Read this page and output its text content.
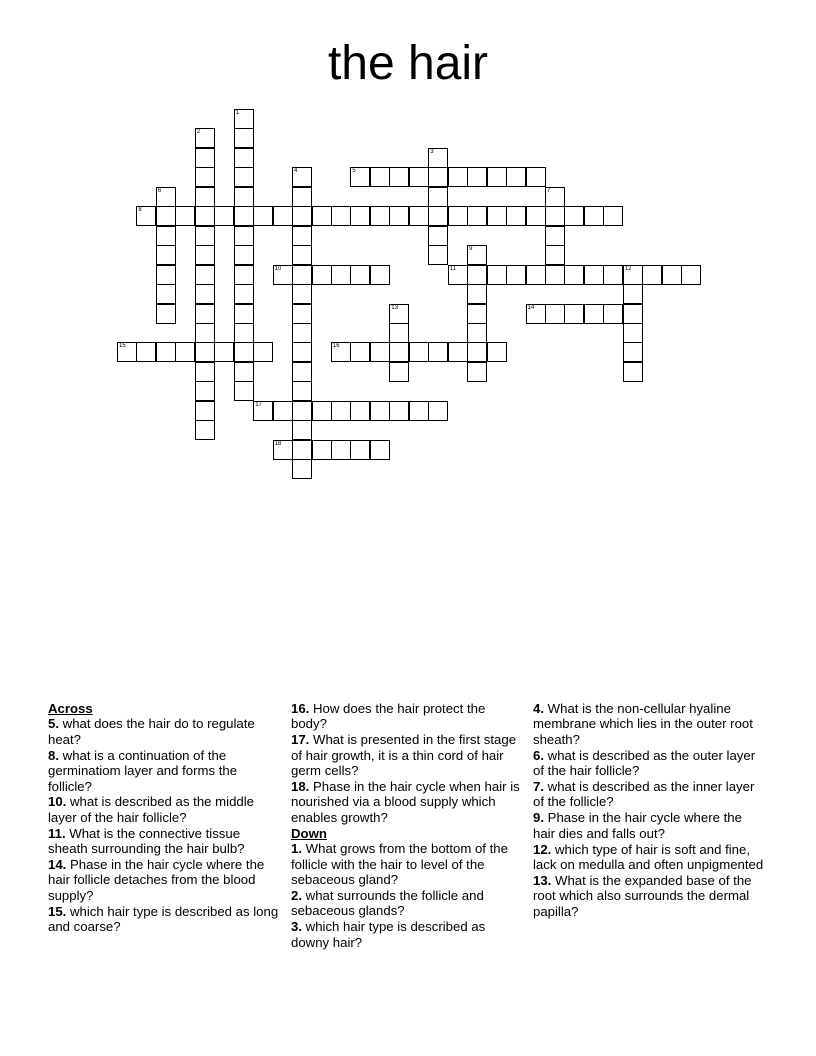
the hair
1
2
3
4	5
6	7
8
9
10	11	12
13	14
15	16
17
18
Across
5. what does the hair do to regulate heat?
8. what is a continuation of the germinatiom layer and forms the follicle?
10. what is described as the middle layer of the hair follicle?
11. What is the connective tissue sheath surrounding the hair bulb?
14. Phase in the hair cycle where the hair follicle detaches from the blood supply?
15. which hair type is described as long and coarse?
16. How does the hair protect the body?
17. What is presented in the first stage of hair growth, it is a thin cord of hair germ cells?
18. Phase in the hair cycle when hair is nourished via a blood supply which enables growth?
Down
1. What grows from the bottom of the follicle with the hair to level of the sebaceous gland?
2. what surrounds the follicle and sebaceous glands?
3. which hair type is described as downy hair?
4. What is the non-cellular hyaline membrane which lies in the outer root sheath?
6. what is described as the outer layer of the hair follicle?
7. what is described as the inner layer of the follicle?
9. Phase in the hair cycle where the hair dies and falls out?
12. which type of hair is soft and fine, lack on medulla and often unpigmented
13. What is the expanded base of the root which also surrounds the dermal papilla?
